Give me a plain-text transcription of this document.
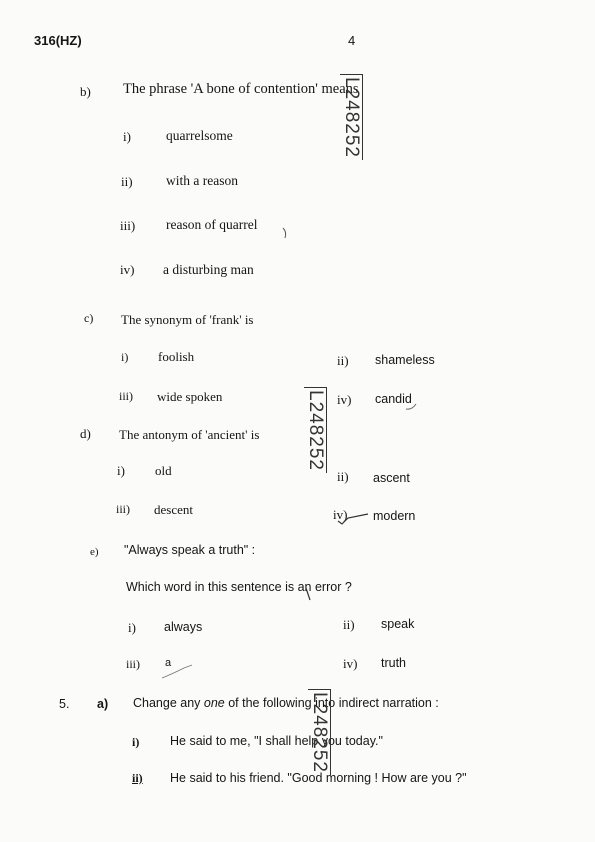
316(HZ)	4
b) The phrase 'A bone of contention' means
i)	quarrelsome
ii) with a reason
iii) reason of quarrel
iv) a disturbing man
c) The synonym of 'frank' is
i) foolish	ii) shameless
iii) wide spoken	iv) candid
d) The antonym of 'ancient' is
i) old	ii) ascent
iii) descent	iv) modern
e) "Always speak a truth" :
Which word in this sentence is an error ?
i) always	ii) speak
iii) a	iv) truth
5. a) Change any one of the following into indirect narration :
i) He said to me, "I shall help you today."
ii) He said to his friend. "Good morning ! How are you ?"
L248252
L248252
L248252
